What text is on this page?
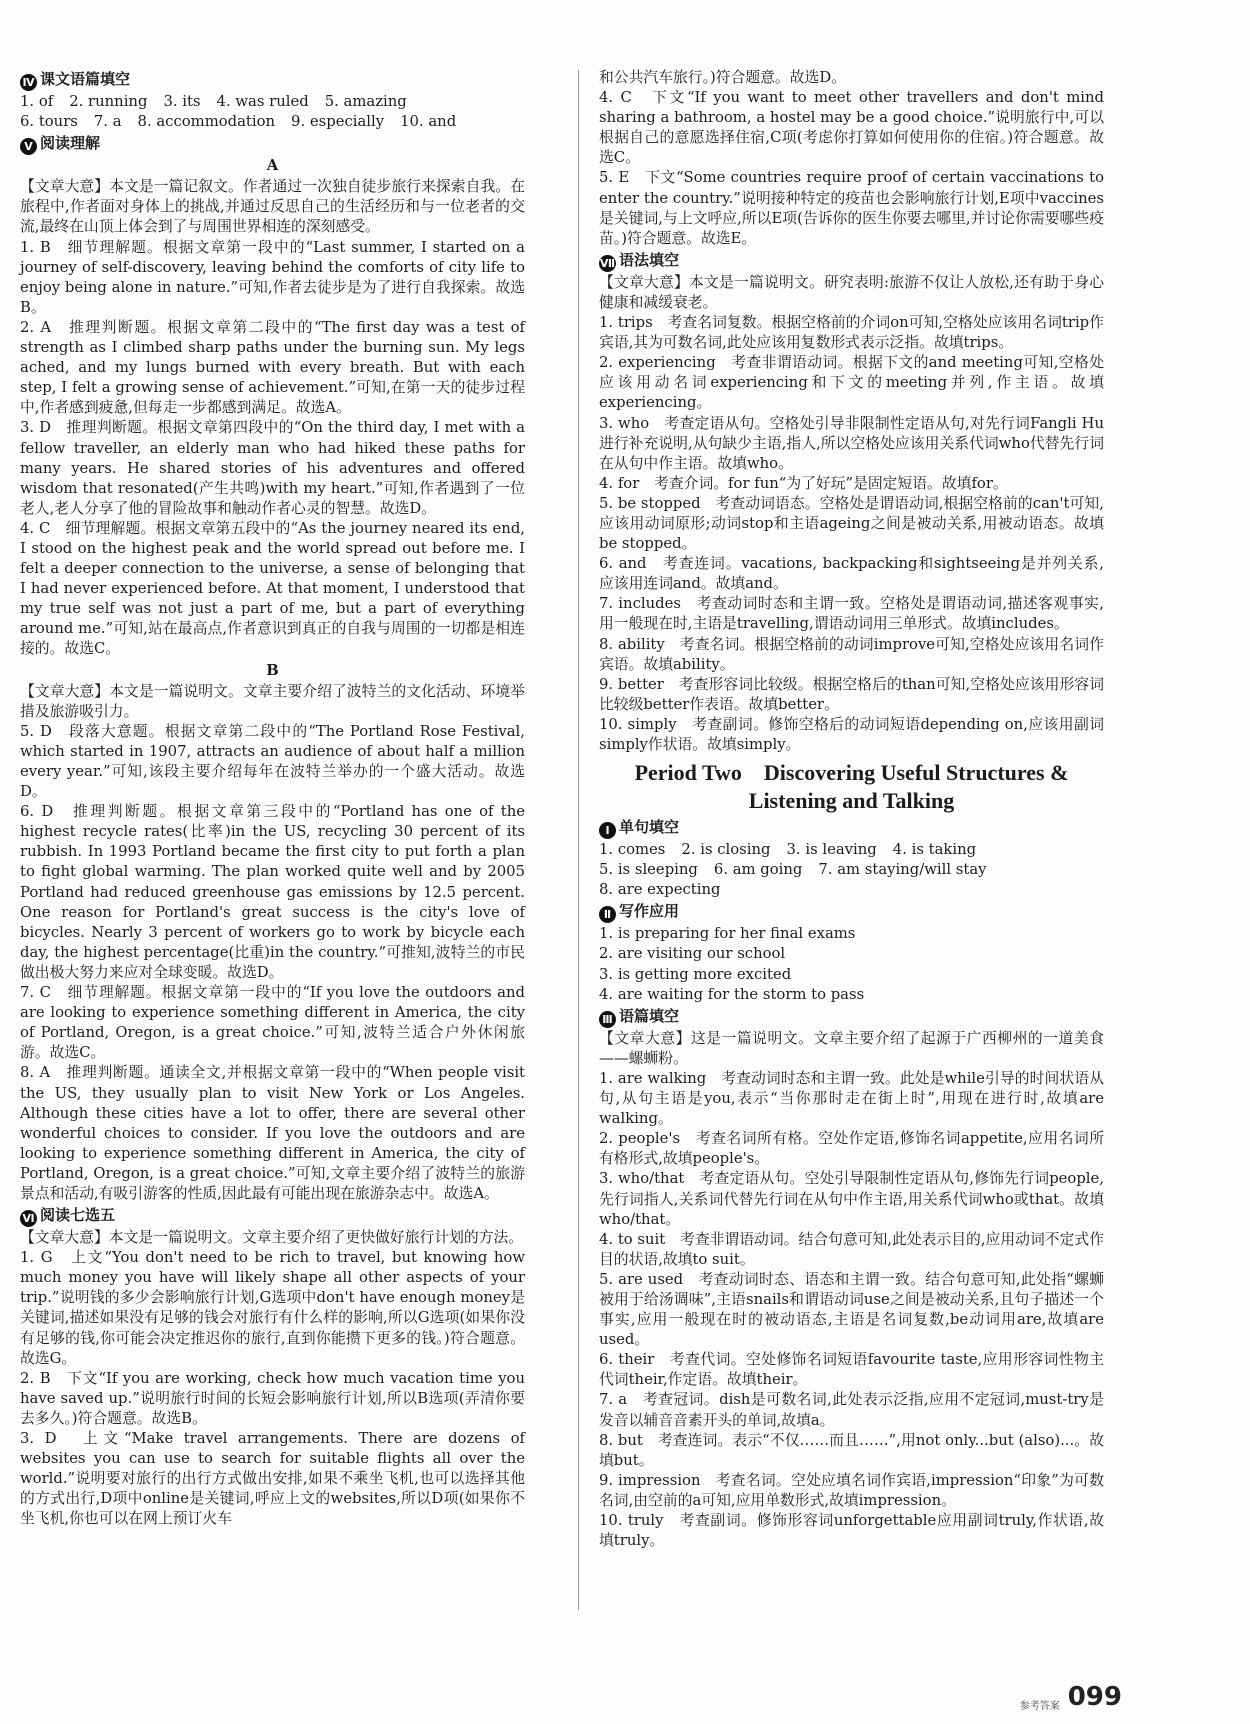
Ⅳ 课文语篇填空
1. of 2. running 3. its 4. was ruled 5. amazing
6. tours 7. a 8. accommodation 9. especially 10. and
Ⅴ 阅读理解
A

【文章大意】本文是一篇记叙文。作者通过一次独自徒步旅行来探索自我。在旅程中,作者面对身体上的挑战,并通过反思自己的生活经历和与一位老者的交流,最终在山顶上体会到了与周围世界相连的深刻感受。

1. B　细节理解题。根据文章第一段中的“Last summer, I started on a journey of self-discovery, leaving behind the comforts of city life to enjoy being alone in nature.”可知,作者去徒步是为了进行自我探索。故选B。

2. A　推理判断题。根据文章第二段中的“The first day was a test of strength as I climbed sharp paths under the burning sun. My legs ached, and my lungs burned with every breath. But with each step, I felt a growing sense of achievement.”可知,在第一天的徒步过程中,作者感到疲惫,但每走一步都感到满足。故选A。

3. D　推理判断题。根据文章第四段中的“On the third day, I met with a fellow traveller, an elderly man who had hiked these paths for many years. He shared stories of his adventures and offered wisdom that resonated(产生共鸣)with my heart.”可知,作者遇到了一位老人,老人分享了他的冒险故事和触动作者心灵的智慧。故选D。

4. C　细节理解题。根据文章第五段中的“As the journey neared its end, I stood on the highest peak and the world spread out before me. I felt a deeper connection to the universe, a sense of belonging that I had never experienced before. At that moment, I understood that my true self was not just a part of me, but a part of everything around me.”可知,站在最高点,作者意识到真正的自我与周围的一切都是相连接的。故选C。

B

【文章大意】本文是一篇说明文。文章主要介绍了波特兰的文化活动、环境举措及旅游吸引力。

5. D　段落大意题。根据文章第二段中的“The Portland Rose Festival, which started in 1907, attracts an audience of about half a million every year.”可知,该段主要介绍每年在波特兰举办的一个盛大活动。故选D。

6. D　推理判断题。根据文章第三段中的“Portland has one of the highest recycle rates(比率)in the US, recycling 30 percent of its rubbish. In 1993 Portland became the first city to put forth a plan to fight global warming. The plan worked quite well and by 2005 Portland had reduced greenhouse gas emissions by 12.5 percent. One reason for Portland's great success is the city's love of bicycles. Nearly 3 percent of workers go to work by bicycle each day, the highest percentage(比重)in the country.”可推知,波特兰的市民做出极大努力来应对全球变暖。故选D。

7. C　细节理解题。根据文章第一段中的“If you love the outdoors and are looking to experience something different in America, the city of Portland, Oregon, is a great choice.”可知,波特兰适合户外休闲旅游。故选C。

8. A　推理判断题。通读全文,并根据文章第一段中的“When people visit the US, they usually plan to visit New York or Los Angeles. Although these cities have a lot to offer, there are several other wonderful choices to consider. If you love the outdoors and are looking to experience something different in America, the city of Portland, Oregon, is a great choice.”可知,文章主要介绍了波特兰的旅游景点和活动,有吸引游客的性质,因此最有可能出现在旅游杂志中。故选A。

Ⅵ 阅读七选五

【文章大意】本文是一篇说明文。文章主要介绍了更快做好旅行计划的方法。

1. G　上文“You don't need to be rich to travel, but knowing how much money you have will likely shape all other aspects of your trip.”说明钱的多少会影响旅行计划,G选项中don't have enough money是关键词,描述如果没有足够的钱会对旅行有什么样的影响,所以G选项(如果你没有足够的钱,你可能会决定推迟你的旅行,直到你能攒下更多的钱。)符合题意。故选G。

2. B　下文“If you are working, check how much vacation time you have saved up.”说明旅行时间的长短会影响旅行计划,所以B选项(弄清你要去多久。)符合题意。故选B。

3. D　上文“Make travel arrangements. There are dozens of websites you can use to search for suitable flights all over the world.”说明要对旅行的出行方式做出安排,如果不乘坐飞机,也可以选择其他的方式出行,D项中online是关键词,呼应上文的websites,所以D项(如果你不坐飞机,你也可以在网上预订火车

和公共汽车旅行。)符合题意。故选D。

4. C　下文“If you want to meet other travellers and don't mind sharing a bathroom, a hostel may be a good choice.”说明旅行中,可以根据自己的意愿选择住宿,C项(考虑你打算如何使用你的住宿。)符合题意。故选C。

5. E　下文“Some countries require proof of certain vaccinations to enter the country.”说明接种特定的疫苗也会影响旅行计划,E项中vaccines是关键词,与上文呼应,所以E项(告诉你的医生你要去哪里,并讨论你需要哪些疫苗。)符合题意。故选E。

Ⅶ 语法填空

【文章大意】本文是一篇说明文。研究表明:旅游不仅让人放松,还有助于身心健康和减缓衰老。

1. trips　考查名词复数。根据空格前的介词on可知,空格处应该用名词trip作宾语,其为可数名词,此处应该用复数形式表示泛指。故填trips。

2. experiencing　考查非谓语动词。根据下文的and meeting可知,空格处应该用动名词experiencing和下文的meeting并列,作主语。故填experiencing。

3. who　考查定语从句。空格处引导非限制性定语从句,对先行词Fangli Hu进行补充说明,从句缺少主语,指人,所以空格处应该用关系代词who代替先行词在从句中作主语。故填who。

4. for　考查介词。for fun“为了好玩”是固定短语。故填for。

5. be stopped　考查动词语态。空格处是谓语动词,根据空格前的can't可知,应该用动词原形;动词stop和主语ageing之间是被动关系,用被动语态。故填be stopped。

6. and　考查连词。vacations, backpacking和sightseeing是并列关系,应该用连词and。故填and。

7. includes　考查动词时态和主谓一致。空格处是谓语动词,描述客观事实,用一般现在时,主语是travelling,谓语动词用三单形式。故填includes。

8. ability　考查名词。根据空格前的动词improve可知,空格处应该用名词作宾语。故填ability。

9. better　考查形容词比较级。根据空格后的than可知,空格处应该用形容词比较级better作表语。故填better。

10. simply　考查副词。修饰空格后的动词短语depending on,应该用副词simply作状语。故填simply。

Period Two　Discovering Useful Structures &
Listening and Talking
Ⅰ 单句填空
1. comes 2. is closing 3. is leaving 4. is taking
5. is sleeping 6. am going 7. am staying/will stay
8. are expecting
Ⅱ 写作应用

1. is preparing for her final exams

2. are visiting our school

3. is getting more excited

4. are waiting for the storm to pass

Ⅲ 语篇填空

【文章大意】这是一篇说明文。文章主要介绍了起源于广西柳州的一道美食——螺蛳粉。

1. are walking　考查动词时态和主谓一致。此处是while引导的时间状语从句,从句主语是you,表示“当你那时走在街上时”,用现在进行时,故填are walking。

2. people's　考查名词所有格。空处作定语,修饰名词appetite,应用名词所有格形式,故填people's。

3. who/that　考查定语从句。空处引导限制性定语从句,修饰先行词people,先行词指人,关系词代替先行词在从句中作主语,用关系代词who或that。故填who/that。

4. to suit　考查非谓语动词。结合句意可知,此处表示目的,应用动词不定式作目的状语,故填to suit。

5. are used　考查动词时态、语态和主谓一致。结合句意可知,此处指“螺蛳被用于给汤调味”,主语snails和谓语动词use之间是被动关系,且句子描述一个事实,应用一般现在时的被动语态,主语是名词复数,be动词用are,故填are used。

6. their　考查代词。空处修饰名词短语favourite taste,应用形容词性物主代词their,作定语。故填their。

7. a　考查冠词。dish是可数名词,此处表示泛指,应用不定冠词,must-try是发音以辅音音素开头的单词,故填a。

8. but　考查连词。表示“不仅……而且……”,用not only...but (also)...。故填but。

9. impression　考查名词。空处应填名词作宾语,impression“印象”为可数名词,由空前的a可知,应用单数形式,故填impression。

10. truly　考查副词。修饰形容词unforgettable应用副词truly,作状语,故填truly。

参考答案 099
